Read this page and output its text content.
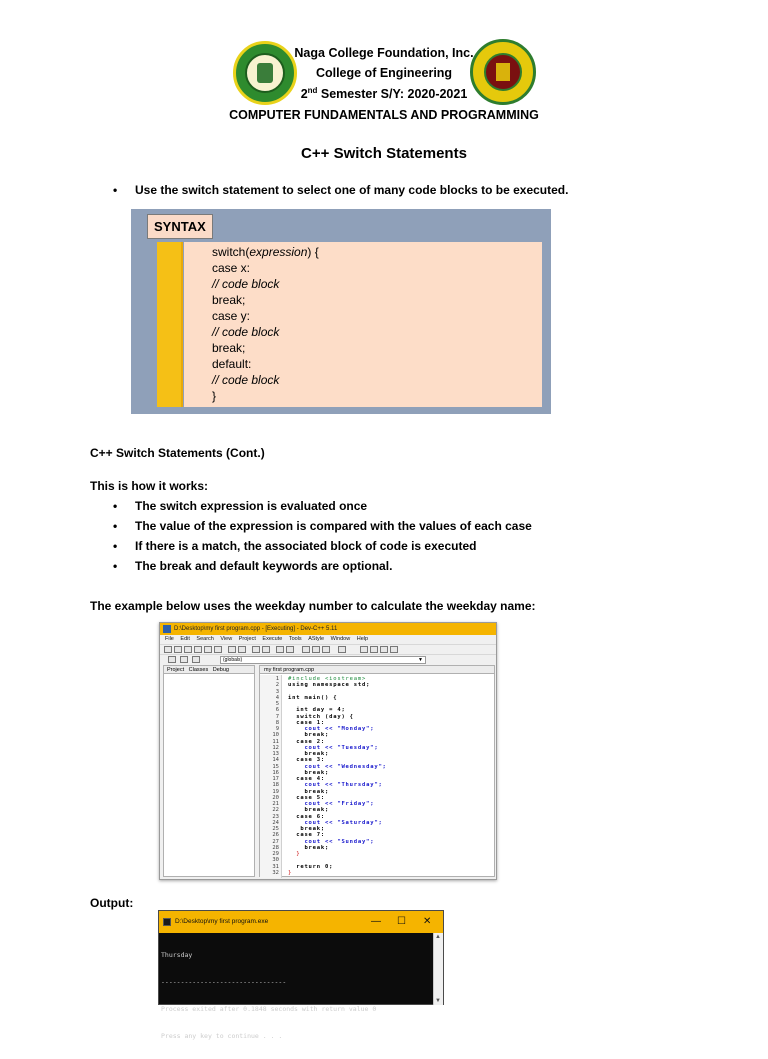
Naga College Foundation, Inc.
College of Engineering
2nd Semester S/Y: 2020-2021
COMPUTER FUNDAMENTALS AND PROGRAMMING
C++ Switch Statements
• Use the switch statement to select one of many code blocks to be executed.
SYNTAX
switch(expression) {
case x:
// code block
break;
case y:
// code block
break;
default:
// code block
}
C++ Switch Statements (Cont.)
This is how it works:
• The switch expression is evaluated once
• The value of the expression is compared with the values of each case
• If there is a match, the associated block of code is executed
• The break and default keywords are optional.
The example below uses the weekday number to calculate the weekday name:
D:\Desktop\my first program.cpp - [Executing] - Dev-C++ 5.11
File Edit Search View Project Execute Tools AStyle Window Help
(globals)	▼
Project Classes Debug	my first program.cpp
1 #include <iostream>
2 using namespace std;
3
4 int main() {
5
6  int day = 4;
7  switch (day) {
8  case 1:
9    cout << "Monday";
10    break;
11  case 2:
12    cout << "Tuesday";
13    break;
14  case 3:
15    cout << "Wednesday";
16    break;
17  case 4:
18    cout << "Thursday";
19    break;
20  case 5:
21    cout << "Friday";
22    break;
23  case 6:
24    cout << "Saturday";
25   break;
26  case 7:
27    cout << "Sunday";
28    break;
29  }
30
31  return 0;
32 }
Output:
D:\Desktop\my first program.exe	— ☐ ✕

Thursday

--------------------------------

Process exited after 0.1848 seconds with return value 0

Press any key to continue . . .

▲
▼
